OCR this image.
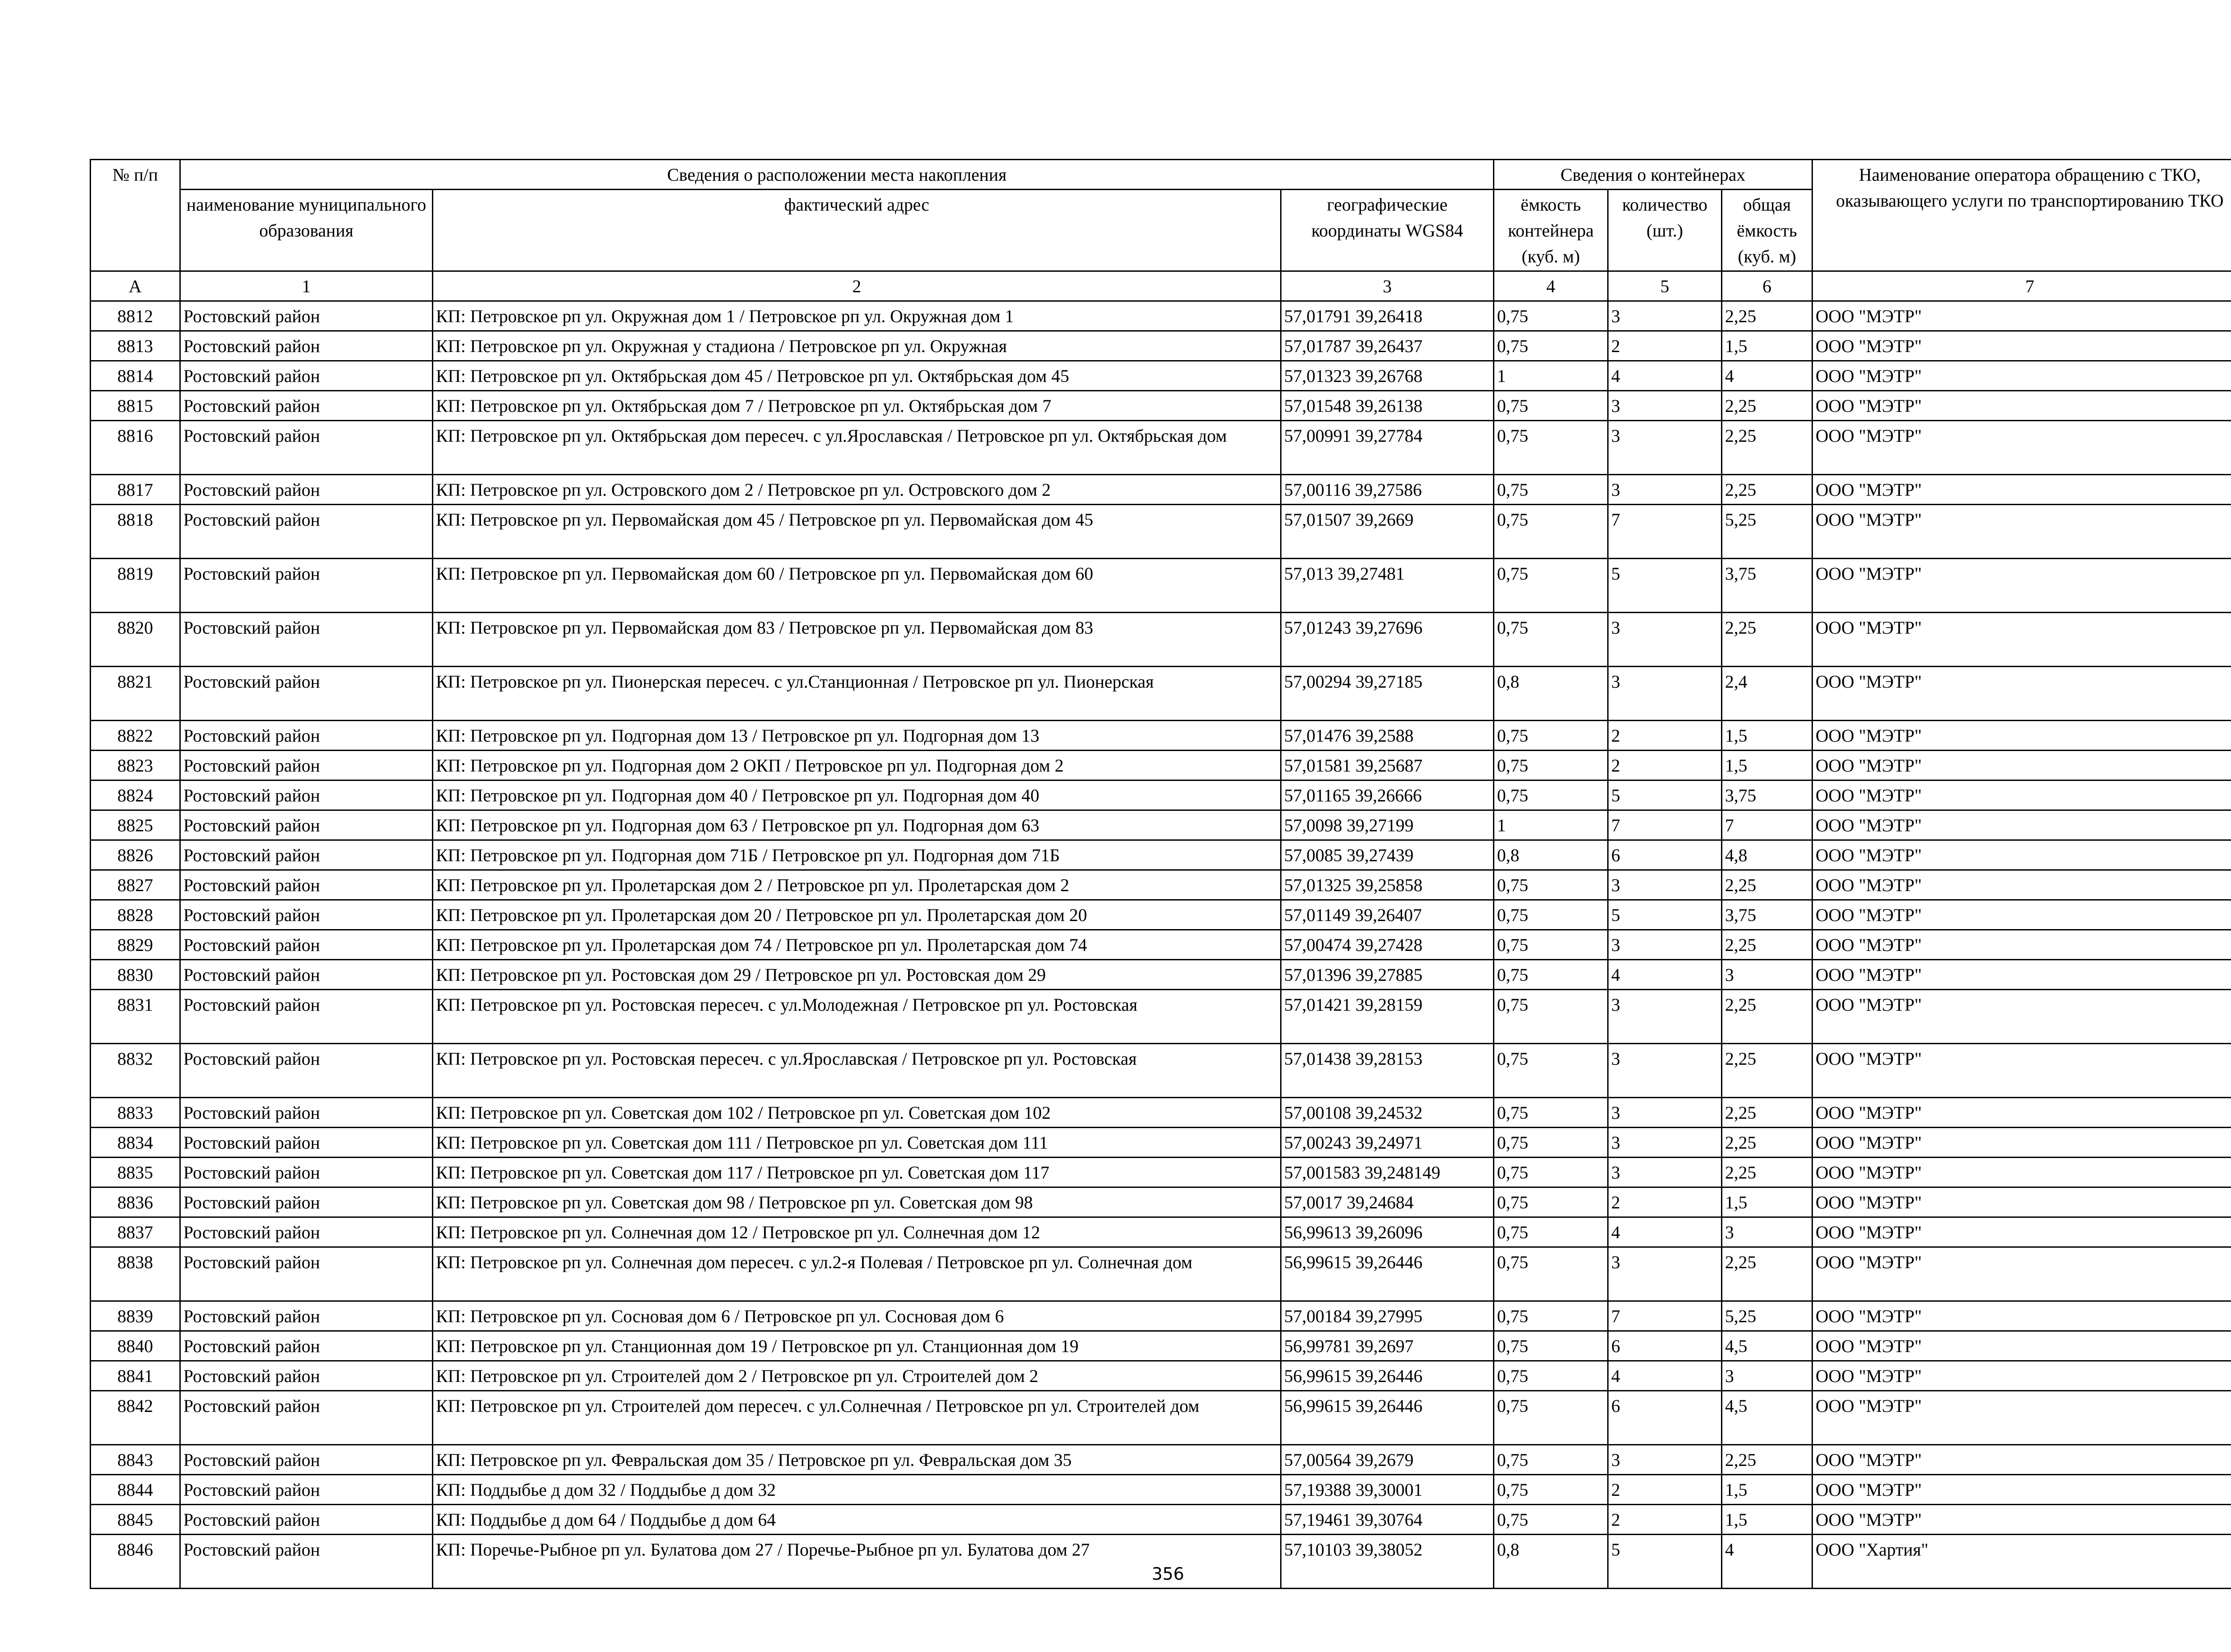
№ п/п	Сведения о расположении места накопления			Сведения о контейнерах			Наименование оператора обращению с ТКО, оказывающего услуги по транспортированию ТКО
	наименование муниципального образования	фактический адрес	географические координаты WGS84	ёмкость контейнера (куб. м)	количество (шт.)	общая ёмкость (куб. м)	
А	1	2	3	4	5	6	7
8812	Ростовский район	КП: Петровское рп ул. Окружная дом 1 / Петровское рп ул. Окружная дом 1	57,01791 39,26418	0,75	3	2,25	ООО "МЭТР"
8813	Ростовский район	КП: Петровское рп ул. Окружная у стадиона / Петровское рп ул. Окружная	57,01787 39,26437	0,75	2	1,5	ООО "МЭТР"
8814	Ростовский район	КП: Петровское рп ул. Октябрьская дом 45 / Петровское рп ул. Октябрьская дом 45	57,01323 39,26768	1	4	4	ООО "МЭТР"
8815	Ростовский район	КП: Петровское рп ул. Октябрьская дом 7 / Петровское рп ул. Октябрьская дом 7	57,01548 39,26138	0,75	3	2,25	ООО "МЭТР"
8816	Ростовский район	КП: Петровское рп ул. Октябрьская дом пересеч. с ул.Ярославская / Петровское рп ул. Октябрьская дом	57,00991 39,27784	0,75	3	2,25	ООО "МЭТР"
8817	Ростовский район	КП: Петровское рп ул. Островского дом 2 / Петровское рп ул. Островского дом 2	57,00116 39,27586	0,75	3	2,25	ООО "МЭТР"
8818	Ростовский район	КП: Петровское рп ул. Первомайская дом 45 / Петровское рп ул. Первомайская дом 45	57,01507 39,2669	0,75	7	5,25	ООО "МЭТР"
8819	Ростовский район	КП: Петровское рп ул. Первомайская дом 60 / Петровское рп ул. Первомайская дом 60	57,013 39,27481	0,75	5	3,75	ООО "МЭТР"
8820	Ростовский район	КП: Петровское рп ул. Первомайская дом 83 / Петровское рп ул. Первомайская дом 83	57,01243 39,27696	0,75	3	2,25	ООО "МЭТР"
8821	Ростовский район	КП: Петровское рп ул. Пионерская пересеч. с ул.Станционная / Петровское рп ул. Пионерская	57,00294 39,27185	0,8	3	2,4	ООО "МЭТР"
8822	Ростовский район	КП: Петровское рп ул. Подгорная дом 13 / Петровское рп ул. Подгорная дом 13	57,01476 39,2588	0,75	2	1,5	ООО "МЭТР"
8823	Ростовский район	КП: Петровское рп ул. Подгорная дом 2 ОКП / Петровское рп ул. Подгорная дом 2	57,01581 39,25687	0,75	2	1,5	ООО "МЭТР"
8824	Ростовский район	КП: Петровское рп ул. Подгорная дом 40 / Петровское рп ул. Подгорная дом 40	57,01165 39,26666	0,75	5	3,75	ООО "МЭТР"
8825	Ростовский район	КП: Петровское рп ул. Подгорная дом 63 / Петровское рп ул. Подгорная дом 63	57,0098 39,27199	1	7	7	ООО "МЭТР"
8826	Ростовский район	КП: Петровское рп ул. Подгорная дом 71Б / Петровское рп ул. Подгорная дом 71Б	57,0085 39,27439	0,8	6	4,8	ООО "МЭТР"
8827	Ростовский район	КП: Петровское рп ул. Пролетарская дом 2 / Петровское рп ул. Пролетарская дом 2	57,01325 39,25858	0,75	3	2,25	ООО "МЭТР"
8828	Ростовский район	КП: Петровское рп ул. Пролетарская дом 20 / Петровское рп ул. Пролетарская дом 20	57,01149 39,26407	0,75	5	3,75	ООО "МЭТР"
8829	Ростовский район	КП: Петровское рп ул. Пролетарская дом 74 / Петровское рп ул. Пролетарская дом 74	57,00474 39,27428	0,75	3	2,25	ООО "МЭТР"
8830	Ростовский район	КП: Петровское рп ул. Ростовская дом 29 / Петровское рп ул. Ростовская дом 29	57,01396 39,27885	0,75	4	3	ООО "МЭТР"
8831	Ростовский район	КП: Петровское рп ул. Ростовская пересеч. с ул.Молодежная / Петровское рп ул. Ростовская	57,01421 39,28159	0,75	3	2,25	ООО "МЭТР"
8832	Ростовский район	КП: Петровское рп ул. Ростовская пересеч. с ул.Ярославская / Петровское рп ул. Ростовская	57,01438 39,28153	0,75	3	2,25	ООО "МЭТР"
8833	Ростовский район	КП: Петровское рп ул. Советская дом 102 / Петровское рп ул. Советская дом 102	57,00108 39,24532	0,75	3	2,25	ООО "МЭТР"
8834	Ростовский район	КП: Петровское рп ул. Советская дом 111 / Петровское рп ул. Советская дом 111	57,00243 39,24971	0,75	3	2,25	ООО "МЭТР"
8835	Ростовский район	КП: Петровское рп ул. Советская дом 117 / Петровское рп ул. Советская дом 117	57,001583 39,248149	0,75	3	2,25	ООО "МЭТР"
8836	Ростовский район	КП: Петровское рп ул. Советская дом 98 / Петровское рп ул. Советская дом 98	57,0017 39,24684	0,75	2	1,5	ООО "МЭТР"
8837	Ростовский район	КП: Петровское рп ул. Солнечная дом 12 / Петровское рп ул. Солнечная дом 12	56,99613 39,26096	0,75	4	3	ООО "МЭТР"
8838	Ростовский район	КП: Петровское рп ул. Солнечная дом пересеч. с ул.2-я Полевая / Петровское рп ул. Солнечная дом	56,99615 39,26446	0,75	3	2,25	ООО "МЭТР"
8839	Ростовский район	КП: Петровское рп ул. Сосновая дом 6 / Петровское рп ул. Сосновая дом 6	57,00184 39,27995	0,75	7	5,25	ООО "МЭТР"
8840	Ростовский район	КП: Петровское рп ул. Станционная дом 19 / Петровское рп ул. Станционная дом 19	56,99781 39,2697	0,75	6	4,5	ООО "МЭТР"
8841	Ростовский район	КП: Петровское рп ул. Строителей дом 2 / Петровское рп ул. Строителей дом 2	56,99615 39,26446	0,75	4	3	ООО "МЭТР"
8842	Ростовский район	КП: Петровское рп ул. Строителей дом пересеч. с ул.Солнечная / Петровское рп ул. Строителей дом	56,99615 39,26446	0,75	6	4,5	ООО "МЭТР"
8843	Ростовский район	КП: Петровское рп ул. Февральская дом 35 / Петровское рп ул. Февральская дом 35	57,00564 39,2679	0,75	3	2,25	ООО "МЭТР"
8844	Ростовский район	КП: Поддыбье д дом 32 / Поддыбье д дом 32	57,19388 39,30001	0,75	2	1,5	ООО "МЭТР"
8845	Ростовский район	КП: Поддыбье д дом 64 / Поддыбье д дом 64	57,19461 39,30764	0,75	2	1,5	ООО "МЭТР"
8846	Ростовский район	КП: Поречье-Рыбное рп ул. Булатова дом 27 / Поречье-Рыбное рп ул. Булатова дом 27	57,10103 39,38052	0,8	5	4	ООО "Хартия"
356
